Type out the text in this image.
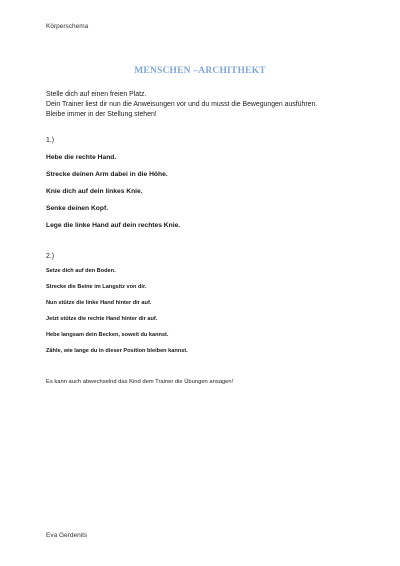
Körperschema
MENSCHEN –ARCHITHEKT
Stelle dich auf einen freien Platz.
Dein Trainer liest dir nun die Anweisungen vor und du musst die Bewegungen ausführen.
Bleibe immer in der Stellung stehen!
1.)
Hebe die rechte Hand.
Strecke deinen Arm dabei in die Höhe.
Knie dich auf dein linkes Knie.
Senke deinen Kopf.
Lege die linke Hand auf dein rechtes Knie.
2.)
Setze dich auf den Boden.
Strecke die Beine im Langsitz von dir.
Nun stütze die linke Hand hinter dir auf.
Jetzt stütze die rechte Hand hinter dir auf.
Hebe langsam dein Becken, soweit du kannst.
Zähle, wie lange du in dieser Position bleiben kannst.
Es kann auch abwechselnd das Kind dem Trainer die Übungen ansagen!
Eva Gerdenits
